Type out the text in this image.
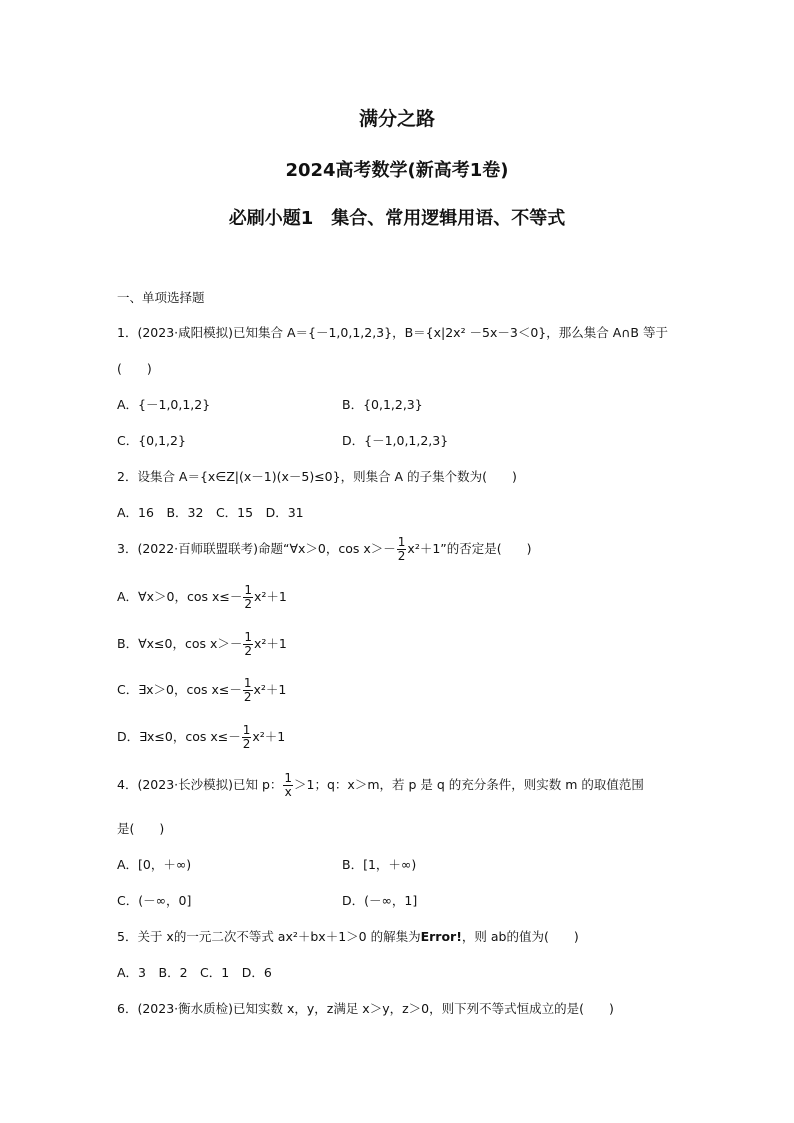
满分之路
2024高考数学(新高考1卷)
必刷小题1　集合、常用逻辑用语、不等式
一、单项选择题
1．(2023·咸阳模拟)已知集合 A＝{－1,0,1,2,3}，B＝{x|2x² －5x－3＜0}，那么集合 A∩B 等于
(　　)
A．{－1,0,1,2}	B．{0,1,2,3}
C．{0,1,2}	D．{－1,0,1,2,3}
2．设集合 A＝{x∈Z|(x－1)(x－5)≤0}，则集合 A 的子集个数为(　　)
A．16　B．32　C．15　D．31
3．(2022·百师联盟联考)命题“∀x＞0，$\cos x>- \frac{1}{2} x^2+1$”的否定是(　　)
A．∀x＞0，$\cos x\le- \frac{1}{2} x^2+1$
B．∀x≤0，$\cos x>- \frac{1}{2} x^2+1$
C．∃x＞0，$\cos x\le- \frac{1}{2} x^2+1$
D．∃x≤0，$\cos x\le- \frac{1}{2} x^2+1$
4．(2023·长沙模拟)已知 p： $\frac{1}{x} >1$；q：x＞m，若 p 是 q 的充分条件，则实数 m 的取值范围
是(　　)
A．[0，＋∞)	B．[1，＋∞)
C．(－∞，0]	D．(－∞，1]
5．关于 x的一元二次不等式 ax²＋bx＋1＞0 的解集为Error!，则 ab的值为(　　)
A．3　B．2　C．1　D．6
6．(2023·衡水质检)已知实数 x，y，z满足 x＞y，z＞0，则下列不等式恒成立的是(　　)
